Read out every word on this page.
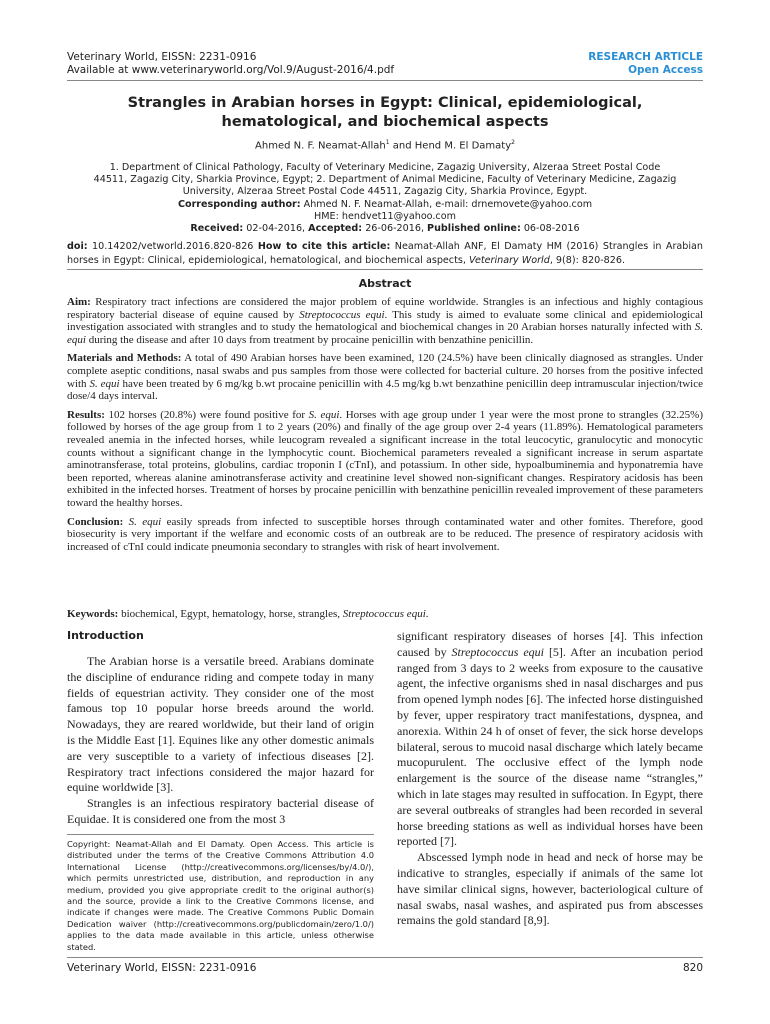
Veterinary World, EISSN: 2231-0916
Available at www.veterinaryworld.org/Vol.9/August-2016/4.pdf
RESEARCH ARTICLE
Open Access
Strangles in Arabian horses in Egypt: Clinical, epidemiological,
hematological, and biochemical aspects
Ahmed N. F. Neamat-Allah$^1$ and Hend M. El Damaty$^2$
1. Department of Clinical Pathology, Faculty of Veterinary Medicine, Zagazig University, Alzeraa Street Postal Code
44511, Zagazig City, Sharkia Province, Egypt; 2. Department of Animal Medicine, Faculty of Veterinary Medicine, Zagazig
University, Alzeraa Street Postal Code 44511, Zagazig City, Sharkia Province, Egypt.
Corresponding author: Ahmed N. F. Neamat-Allah, e-mail: drnemovete@yahoo.com
HME: hendvet11@yahoo.com
Received: 02-04-2016, Accepted: 26-06-2016, Published online: 06-08-2016
doi: 10.14202/vetworld.2016.820-826 How to cite this article: Neamat-Allah ANF, El Damaty HM (2016) Strangles in Arabian horses in Egypt: Clinical, epidemiological, hematological, and biochemical aspects, Veterinary World, 9(8): 820-826.
Abstract

Aim: Respiratory tract infections are considered the major problem of equine worldwide. Strangles is an infectious and highly contagious respiratory bacterial disease of equine caused by Streptococcus equi. This study is aimed to evaluate some clinical and epidemiological investigation associated with strangles and to study the hematological and biochemical changes in 20 Arabian horses naturally infected with S. equi during the disease and after 10 days from treatment by procaine penicillin with benzathine penicillin.

Materials and Methods: A total of 490 Arabian horses have been examined, 120 (24.5%) have been clinically diagnosed as strangles. Under complete aseptic conditions, nasal swabs and pus samples from those were collected for bacterial culture. 20 horses from the positive infected with S. equi have been treated by 6 mg/kg b.wt procaine penicillin with 4.5 mg/kg b.wt benzathine penicillin deep intramuscular injection/twice dose/4 days interval.

Results: 102 horses (20.8%) were found positive for S. equi. Horses with age group under 1 year were the most prone to strangles (32.25%) followed by horses of the age group from 1 to 2 years (20%) and finally of the age group over 2-4 years (11.89%). Hematological parameters revealed anemia in the infected horses, while leucogram revealed a significant increase in the total leucocytic, granulocytic and monocytic counts without a significant change in the lymphocytic count. Biochemical parameters revealed a significant increase in serum aspartate aminotransferase, total proteins, globulins, cardiac troponin I (cTnI), and potassium. In other side, hypoalbuminemia and hyponatremia have been reported, whereas alanine aminotransferase activity and creatinine level showed non-significant changes. Respiratory acidosis has been exhibited in the infected horses. Treatment of horses by procaine penicillin with benzathine penicillin revealed improvement of these parameters toward the healthy horses.

Conclusion: S. equi easily spreads from infected to susceptible horses through contaminated water and other fomites. Therefore, good biosecurity is very important if the welfare and economic costs of an outbreak are to be reduced. The presence of respiratory acidosis with increased of cTnI could indicate pneumonia secondary to strangles with risk of heart involvement.

Keywords: biochemical, Egypt, hematology, horse, strangles, Streptococcus equi.
Introduction

The Arabian horse is a versatile breed. Arabians dominate the discipline of endurance riding and compete today in many fields of equestrian activity. They consider one of the most famous top 10 popular horse breeds around the world. Nowadays, they are reared worldwide, but their land of origin is the Middle East [1]. Equines like any other domestic animals are very susceptible to a variety of infectious diseases [2]. Respiratory tract infections considered the major hazard for equine worldwide [3].

Strangles is an infectious respiratory bacterial disease of Equidae. It is considered one from the most 3

significant respiratory diseases of horses [4]. This infection caused by Streptococcus equi [5]. After an incubation period ranged from 3 days to 2 weeks from exposure to the causative agent, the infective organisms shed in nasal discharges and pus from opened lymph nodes [6]. The infected horse distinguished by fever, upper respiratory tract manifestations, dyspnea, and anorexia. Within 24 h of onset of fever, the sick horse develops bilateral, serous to mucoid nasal discharge which lately became mucopurulent. The occlusive effect of the lymph node enlargement is the source of the disease name “strangles,” which in late stages may resulted in suffocation. In Egypt, there are several outbreaks of strangles had been recorded in several horse breeding stations as well as individual horses have been reported [7].

Abscessed lymph node in head and neck of horse may be indicative to strangles, especially if animals of the same lot have similar clinical signs, however, bacteriological culture of nasal swabs, nasal washes, and aspirated pus from abscesses remains the gold standard [8,9].

Copyright: Neamat-Allah and El Damaty. Open Access. This article is distributed under the terms of the Creative Commons Attribution 4.0 International License (http://creativecommons.org/licenses/by/4.0/), which permits unrestricted use, distribution, and reproduction in any medium, provided you give appropriate credit to the original author(s) and the source, provide a link to the Creative Commons license, and indicate if changes were made. The Creative Commons Public Domain Dedication waiver (http://creativecommons.org/publicdomain/zero/1.0/) applies to the data made available in this article, unless otherwise stated.
Veterinary World, EISSN: 2231-0916	820
